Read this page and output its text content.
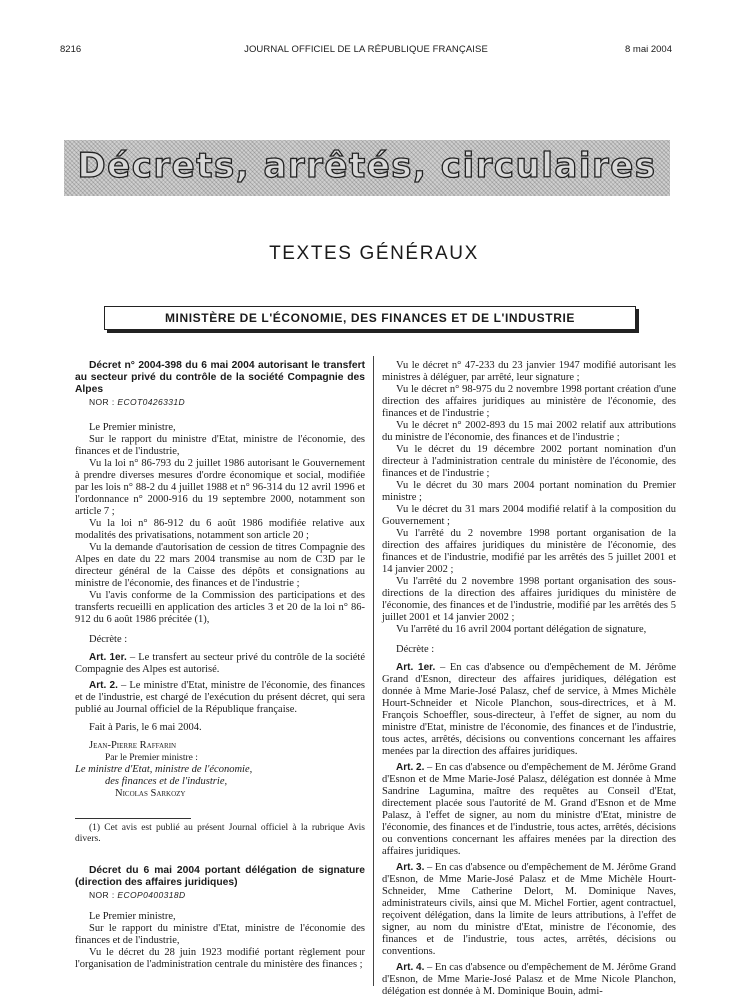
8216	JOURNAL OFFICIEL DE LA RÉPUBLIQUE FRANÇAISE	8 mai 2004
Décrets, arrêtés, circulaires
TEXTES GÉNÉRAUX
MINISTÈRE DE L'ÉCONOMIE, DES FINANCES ET DE L'INDUSTRIE

Décret n° 2004-398 du 6 mai 2004 autorisant le transfert au secteur privé du contrôle de la société Compagnie des Alpes

NOR : ECOT0426331D

Le Premier ministre,

Sur le rapport du ministre d'Etat, ministre de l'économie, des finances et de l'industrie,

Vu la loi n° 86-793 du 2 juillet 1986 autorisant le Gouvernement à prendre diverses mesures d'ordre économique et social, modifiée par les lois n° 88-2 du 4 juillet 1988 et n° 96-314 du 12 avril 1996 et l'ordonnance n° 2000-916 du 19 septembre 2000, notamment son article 7 ;

Vu la loi n° 86-912 du 6 août 1986 modifiée relative aux modalités des privatisations, notamment son article 20 ;

Vu la demande d'autorisation de cession de titres Compagnie des Alpes en date du 22 mars 2004 transmise au nom de C3D par le directeur général de la Caisse des dépôts et consignations au ministre de l'économie, des finances et de l'industrie ;

Vu l'avis conforme de la Commission des participations et des transferts recueilli en application des articles 3 et 20 de la loi n° 86-912 du 6 août 1986 précitée (1),

Décrète :

Art. 1er. – Le transfert au secteur privé du contrôle de la société Compagnie des Alpes est autorisé.

Art. 2. – Le ministre d'Etat, ministre de l'économie, des finances et de l'industrie, est chargé de l'exécution du présent décret, qui sera publié au Journal officiel de la République française.

Fait à Paris, le 6 mai 2004.

Jean-Pierre Raffarin

Par le Premier ministre :

Le ministre d'Etat, ministre de l'économie,

des finances et de l'industrie,

Nicolas Sarkozy

(1) Cet avis est publié au présent Journal officiel à la rubrique Avis divers.

Décret du 6 mai 2004 portant délégation de signature (direction des affaires juridiques)

NOR : ECOP0400318D

Le Premier ministre,

Sur le rapport du ministre d'Etat, ministre de l'économie des finances et de l'industrie,

Vu le décret du 28 juin 1923 modifié portant règlement pour l'organisation de l'administration centrale du ministère des finances ;

Vu le décret n° 47-233 du 23 janvier 1947 modifié autorisant les ministres à déléguer, par arrêté, leur signature ;

Vu le décret n° 98-975 du 2 novembre 1998 portant création d'une direction des affaires juridiques au ministère de l'économie, des finances et de l'industrie ;

Vu le décret n° 2002-893 du 15 mai 2002 relatif aux attributions du ministre de l'économie, des finances et de l'industrie ;

Vu le décret du 19 décembre 2002 portant nomination d'un directeur à l'administration centrale du ministère de l'économie, des finances et de l'industrie ;

Vu le décret du 30 mars 2004 portant nomination du Premier ministre ;

Vu le décret du 31 mars 2004 modifié relatif à la composition du Gouvernement ;

Vu l'arrêté du 2 novembre 1998 portant organisation de la direction des affaires juridiques du ministère de l'économie, des finances et de l'industrie, modifié par les arrêtés des 5 juillet 2001 et 14 janvier 2002 ;

Vu l'arrêté du 2 novembre 1998 portant organisation des sous-directions de la direction des affaires juridiques du ministère de l'économie, des finances et de l'industrie, modifié par les arrêtés des 5 juillet 2001 et 14 janvier 2002 ;

Vu l'arrêté du 16 avril 2004 portant délégation de signature,

Décrète :

Art. 1er. – En cas d'absence ou d'empêchement de M. Jérôme Grand d'Esnon, directeur des affaires juridiques, délégation est donnée à Mme Marie-José Palasz, chef de service, à Mmes Michèle Hourt-Schneider et Nicole Planchon, sous-directrices, et à M. François Schoeffler, sous-directeur, à l'effet de signer, au nom du ministre d'Etat, ministre de l'économie, des finances et de l'industrie, tous actes, arrêtés, décisions ou conventions concernant les affaires menées par la direction des affaires juridiques.

Art. 2. – En cas d'absence ou d'empêchement de M. Jérôme Grand d'Esnon et de Mme Marie-José Palasz, délégation est donnée à Mme Sandrine Lagumina, maître des requêtes au Conseil d'Etat, directement placée sous l'autorité de M. Grand d'Esnon et de Mme Palasz, à l'effet de signer, au nom du ministre d'Etat, ministre de l'économie, des finances et de l'industrie, tous actes, arrêtés, décisions ou conventions concernant les affaires menées par la direction des affaires juridiques.

Art. 3. – En cas d'absence ou d'empêchement de M. Jérôme Grand d'Esnon, de Mme Marie-José Palasz et de Mme Michèle Hourt-Schneider, Mme Catherine Delort, M. Dominique Naves, administrateurs civils, ainsi que M. Michel Fortier, agent contractuel, reçoivent délégation, dans la limite de leurs attributions, à l'effet de signer, au nom du ministre d'Etat, ministre de l'économie, des finances et de l'industrie, tous actes, arrêtés, décisions ou conventions.

Art. 4. – En cas d'absence ou d'empêchement de M. Jérôme Grand d'Esnon, de Mme Marie-José Palasz et de Mme Nicole Planchon, délégation est donnée à M. Dominique Bouin, admi-
